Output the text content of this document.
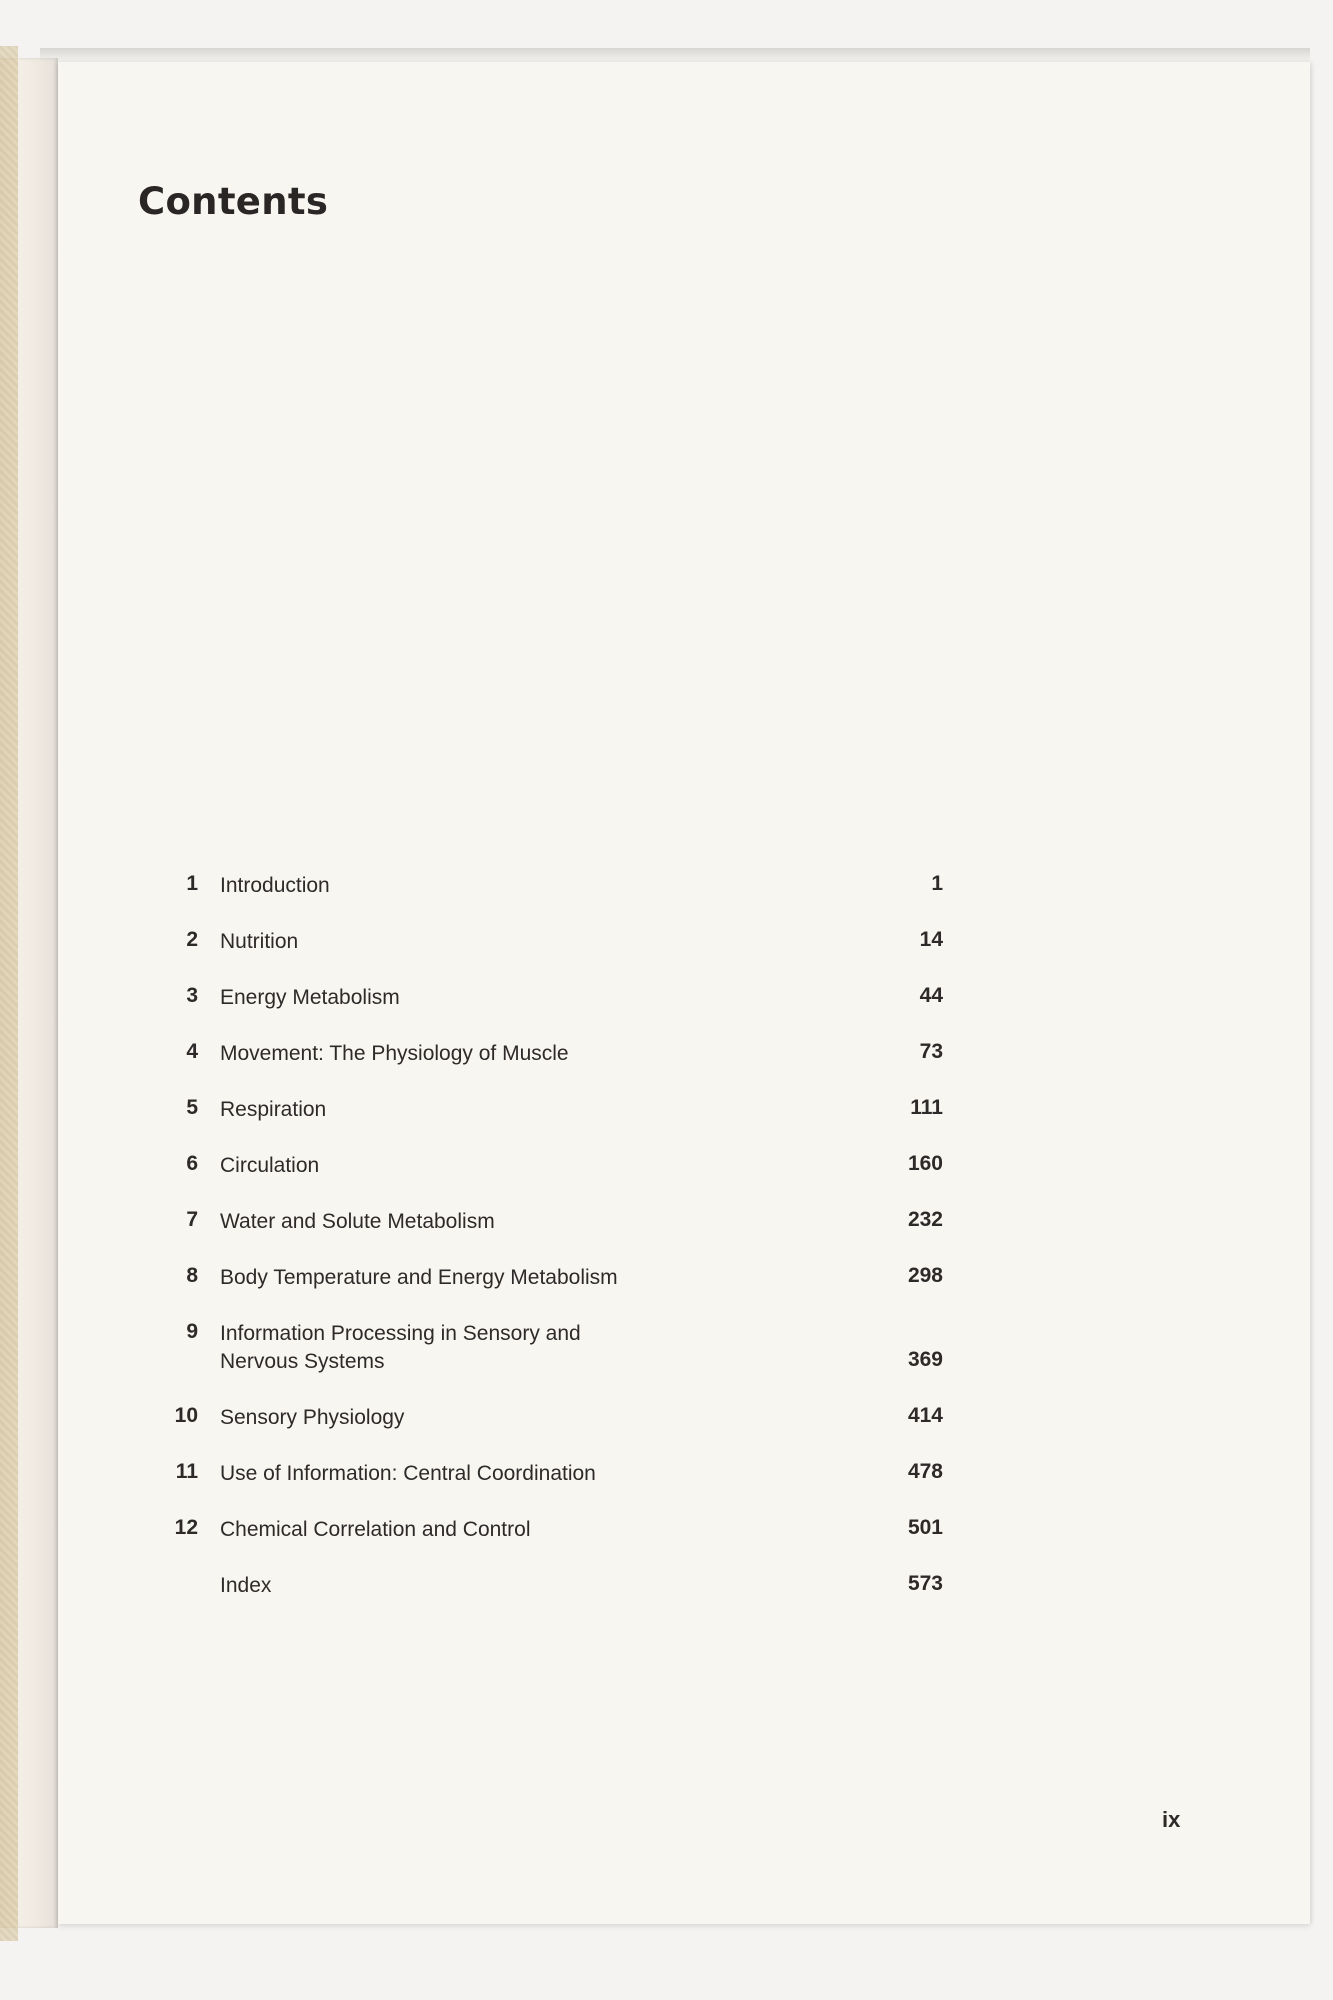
Contents
1 Introduction	1
2 Nutrition	14
3 Energy Metabolism	44
4 Movement: The Physiology of Muscle	73
5 Respiration	111
6 Circulation	160
7 Water and Solute Metabolism	232
8 Body Temperature and Energy Metabolism	298
9 Information Processing in Sensory and
Nervous Systems	369
10 Sensory Physiology	414
11 Use of Information: Central Coordination	478
12 Chemical Correlation and Control	501
Index	573
ix
